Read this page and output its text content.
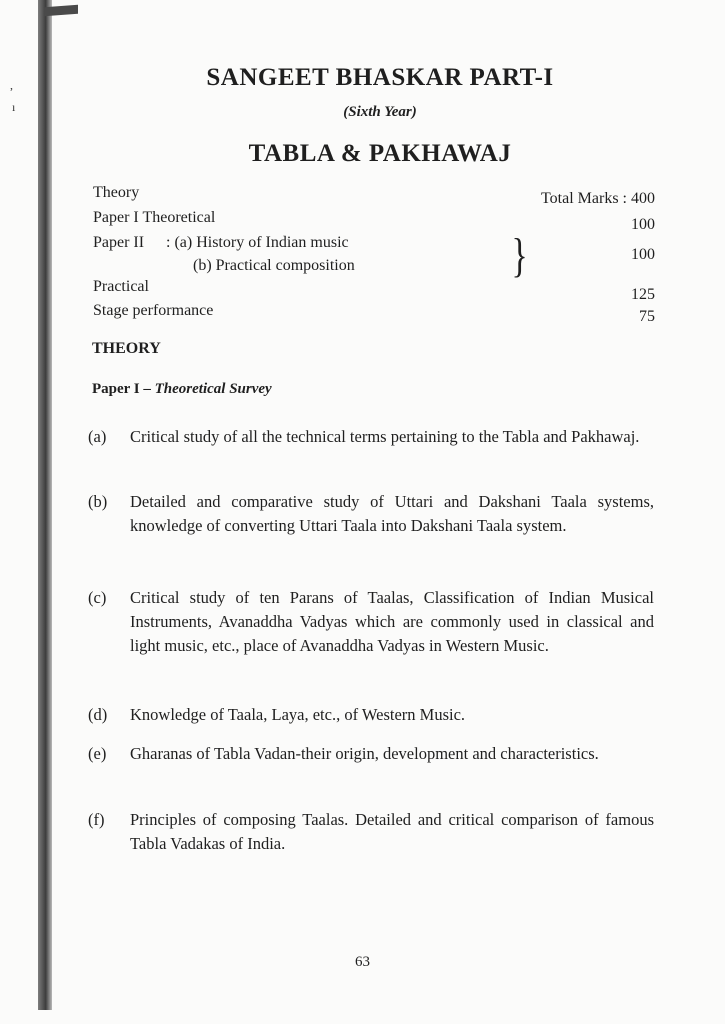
,
ı
SANGEET BHASKAR PART-I
(Sixth Year)
TABLA & PAKHAWAJ
Theory	Total Marks : 400
Paper I Theoretical	100
Paper II : (a) History of Indian music
(b) Practical composition	}	100
Practical	125
Stage performance	75
THEORY
Paper I – Theoretical Survey
(a) Critical study of all the technical terms pertaining to the Tabla and Pakhawaj.
(b) Detailed and comparative study of Uttari and Dakshani Taala systems, knowledge of converting Uttari Taala into Dakshani Taala system.
(c) Critical study of ten Parans of Taalas, Classification of Indian Musical Instruments, Avanaddha Vadyas which are commonly used in classical and light music, etc., place of Avanaddha Vadyas in Western Music.
(d) Knowledge of Taala, Laya, etc., of Western Music.
(e) Gharanas of Tabla Vadan-their origin, development and characteristics.
(f) Principles of composing Taalas. Detailed and critical comparison of famous Tabla Vadakas of India.
63
